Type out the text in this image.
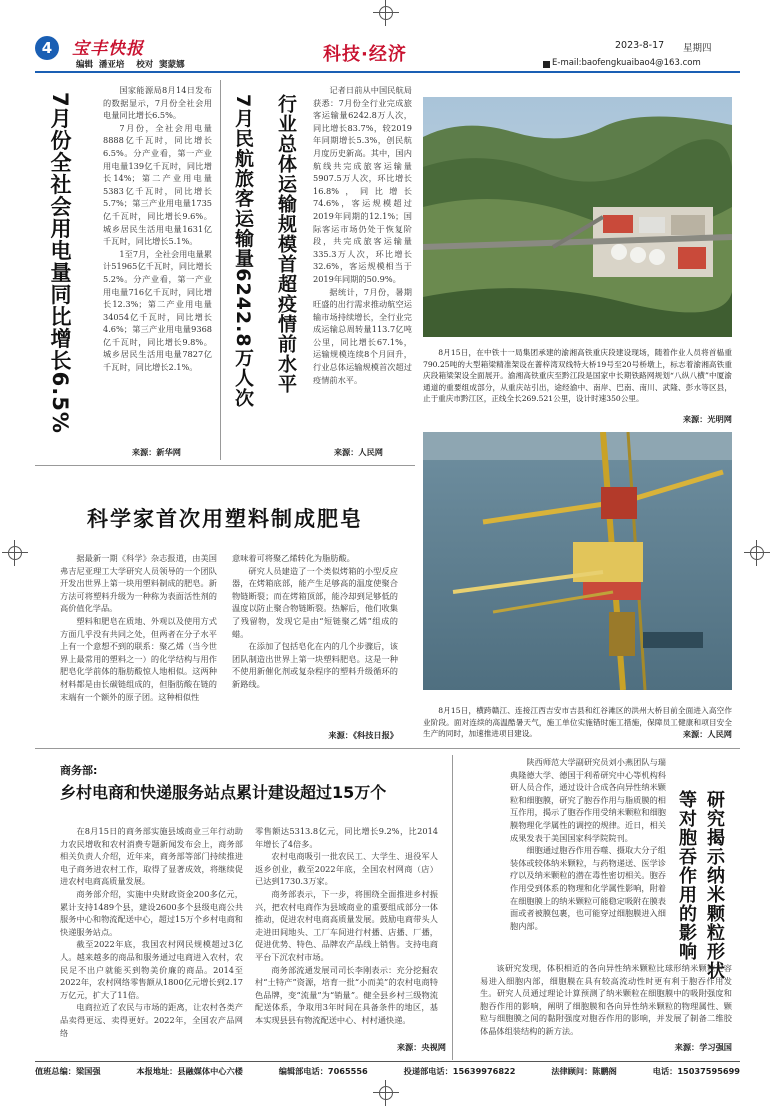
4	宝丰快报
编辑  潘亚培    校对  窦蒙娜	科技·经济	2023-8-17 星期四
E-mail:baofengkuaibao4@163.com
7月份全社会用电量同比增长6.5%

国家能源局8月14日发布的数据显示，7月份全社会用电量同比增长6.5%。

7月份，全社会用电量8888亿千瓦时，同比增长6.5%。分产业看，第一产业用电量139亿千瓦时，同比增长14%；第二产业用电量5383亿千瓦时，同比增长5.7%；第三产业用电量1735亿千瓦时，同比增长9.6%。城乡居民生活用电量1631亿千瓦时，同比增长5.1%。

1至7月，全社会用电量累计51965亿千瓦时，同比增长5.2%。分产业看，第一产业用电量716亿千瓦时，同比增长12.3%；第二产业用电量34054亿千瓦时，同比增长4.6%；第三产业用电量9368亿千瓦时，同比增长9.8%。城乡居民生活用电量7827亿千瓦时，同比增长2.1%。

来源：新华网
行业总体运输规模首超疫情前水平
7月民航旅客运输量6242.8万人次

记者日前从中国民航局获悉：7月份全行业完成旅客运输量6242.8万人次，同比增长83.7%，较2019年同期增长5.3%，创民航月度历史新高。其中，国内航线共完成旅客运输量5907.5万人次，环比增长16.8%，同比增长74.6%，客运规模超过2019年同期的12.1%；国际客运市场仍处于恢复阶段，共完成旅客运输量335.3万人次，环比增长32.6%，客运规模相当于2019年同期的50.9%。

据统计，7月份，暑期旺盛的出行需求推动航空运输市场持续增长，全行业完成运输总周转量113.7亿吨公里，同比增长67.1%，运输规模连续8个月回升，行业总体运输规模首次超过疫情前水平。

来源：人民网

8月15日，在中铁十一局集团承建的渝湘高铁重庆段建设现场，随着作业人员将首榀重790.25吨的大型箱梁精准架设在蔷梓湾双线特大桥19号至20号桥墩上，标志着渝湘高铁重庆段箱梁架设全面展开。渝湘高铁重庆至黔江段是国家中长期铁路网规划“八纵八横”中厦渝通道的重要组成部分，从重庆站引出，途经渝中、南岸、巴南、南川、武隆、彭水等区县，止于重庆市黔江区，正线全长269.521公里，设计时速350公里。

来源：光明网

8月15日，横跨赣江、连接江西吉安市吉县和红谷滩区的洪州大桥目前全面进入高空作业阶段。面对连续的高温酷暑天气，施工单位实施错时施工措施，保障员工健康和项目安全生产的同时，加速推进项目建设。	来源：人民网
科学家首次用塑料制成肥皂

据最新一期《科学》杂志报道，由美国弗吉尼亚理工大学研究人员领导的一个团队开发出世界上第一块用塑料制成的肥皂。新方法可将塑料升级为一种称为表面活性剂的高价值化学品。

塑料和肥皂在质地、外观以及使用方式方面几乎没有共同之处，但两者在分子水平上有一个意想不到的联系：聚乙烯（当今世界上最常用的塑料之一）的化学结构与用作肥皂化学前体的脂肪酸惊人地相似。这两种材料都是由长碳链组成的，但脂肪酸在链的末端有一个额外的原子团。这种相似性

意味着可将聚乙烯转化为脂肪酸。

研究人员建造了一个类似烤箱的小型反应器，在烤箱底部，能产生足够高的温度使聚合物链断裂；而在烤箱顶部，能冷却到足够低的温度以防止聚合物链断裂。热解后，他们收集了残留物，发现它是由“短链聚乙烯”组成的蜡。

在添加了包括皂化在内的几个步骤后，该团队制造出世界上第一块塑料肥皂。这是一种不使用新催化剂或复杂程序的塑料升级循环的新路线。

来源：《科技日报》
商务部:
乡村电商和快递服务站点累计建设超过15万个

在8月15日的商务部实施县域商业三年行动助力农民增收和农村消费专题新闻发布会上，商务部相关负责人介绍，近年来，商务部等部门持续推进电子商务进农村工作，取得了显著成效，将继续促进农村电商高质量发展。

商务部介绍，实施中央财政资金200多亿元，累计支持1489个县，建设2600多个县级电商公共服务中心和物流配送中心，超过15万个乡村电商和快递服务站点。

截至2022年底，我国农村网民规模超过3亿人。越来越多的商品和服务通过电商进入农村，农民足不出户就能买到物美价廉的商品。2014至2022年，农村网络零售额从1800亿元增长到2.17万亿元，扩大了11倍。

电商拉近了农民与市场的距离，让农村各类产品卖得更远、卖得更好。2022年，全国农产品网络

零售额达5313.8亿元，同比增长9.2%，比2014年增长了4倍多。

农村电商吸引一批农民工、大学生、退役军人返乡创业，截至2022年底，全国农村网商（店）已达到1730.3万家。

商务部表示，下一步，将围绕全面推进乡村振兴，把农村电商作为县域商业的重要组成部分一体推动，促进农村电商高质量发展。鼓励电商带头人走进田间地头、工厂车间进行村播、店播、厂播，促进优势、特色、品牌农产品线上销售。支持电商平台下沉农村市场。

商务部流通发展司司长李刚表示：充分挖掘农村“土特产”资源，培育一批“小而美”的农村电商特色品牌，变“流量”为“销量”。健全县乡村三级物流配送体系，争取用3年时间在具备条件的地区，基本实现县县有物流配送中心、村村通快递。

来源：央视网

陕西师范大学副研究员刘小燕团队与瑞典隆德大学、德国于利希研究中心等机构科研人员合作，通过设计合成各向异性纳米颗粒和细胞膜，研究了胞吞作用与脂质膜的相互作用，揭示了胞吞作用受纳米颗粒和细胞膜物理化学属性的调控的规律。近日，相关成果发表于美国国家科学院院刊。

细胞通过胞吞作用吞噬、摄取大分子组装体或较体纳米颗粒，与药物递送、医学诊疗以及纳米颗粒的潜在毒性密切相关。胞吞作用受到体系的物理和化学属性影响，附着在细胞膜上的纳米颗粒可能稳定吸附在膜表面或者被膜包裹，也可能穿过细胞膜进入细胞内部。	研究揭示纳米颗粒形状
等对胞吞作用的影响

该研究发现，体积相近的各向异性纳米颗粒比球形纳米颗粒更容易进入细胞内部，细胞膜在具有较高流动性时更有利于胞吞作用发生。研究人员通过理论计算预测了纳米颗粒在细胞膜中的吸附强度和胞吞作用的影响，阐明了细胞膜和各向异性纳米颗粒的物理属性、颗粒与细胞膜之间的黏附强度对胞吞作用的影响，并发展了制备二维胶体晶体组装结构的新方法。

来源：学习强国
值班总编：梁国强	本报地址：县融媒体中心六楼	编辑部电话：7065556	投递部电话：15639976822	法律顾问：陈鹏阁	电话：15037595699
